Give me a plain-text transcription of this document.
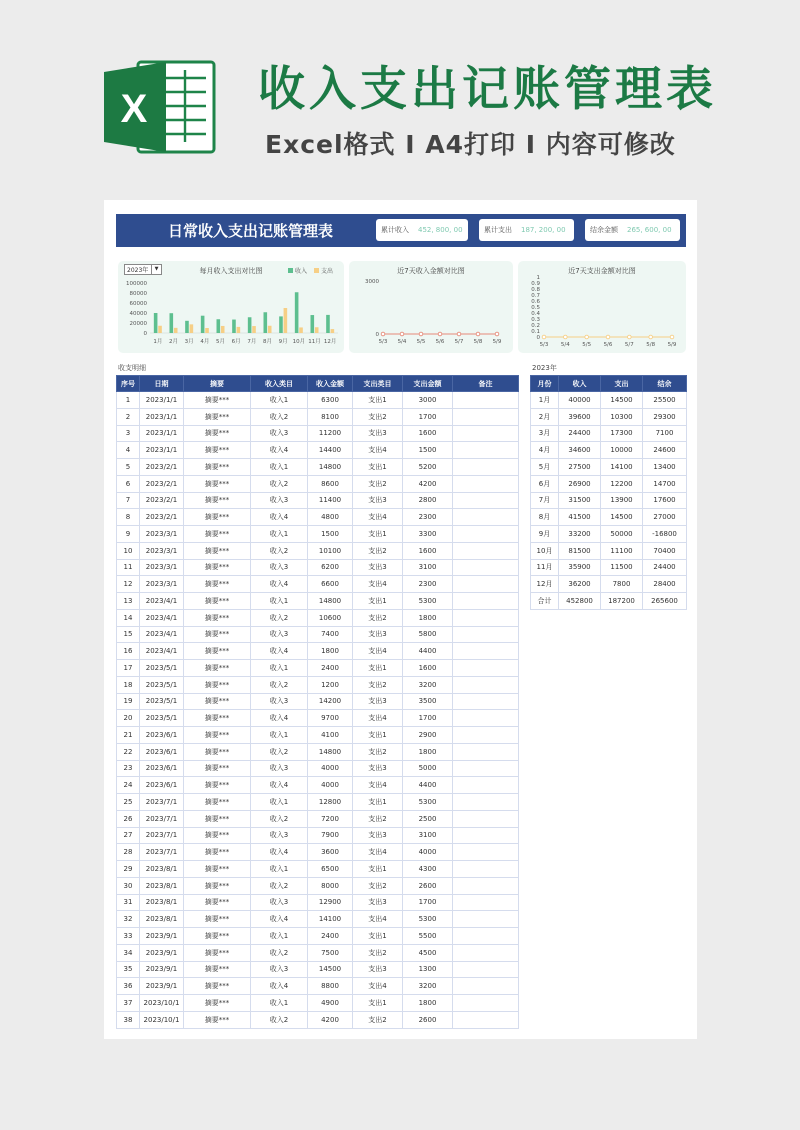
X 收入支出记账管理表
Excel格式 I A4打印 I 内容可修改
日常收入支出记账管理表	累计收入	452, 800, 00	累计支出	187, 200, 00	结余金额	265, 600, 00
2023年	▼	每月收入支出对比图	收入	支出
0
20000
40000
60000
80000
100000
1月 2月 3月 4月 5月 6月 7月 8月 9月 10月 11月 12月
近7天收入金额对比图
0
3000
5/3 5/4 5/5 5/6 5/7 5/8 5/9
近7天支出金额对比图
0
0.1
0.2
0.3
0.4
0.5
0.6
0.7
0.8
0.9
1
5/3 5/4 5/5 5/6 5/7 5/8 5/9
收支明细
序号	日期	摘要	收入类目	收入金额	支出类目	支出金额	备注
1	2023/1/1	摘要***	收入1	6300	支出1	3000	
2	2023/1/1	摘要***	收入2	8100	支出2	1700	
3	2023/1/1	摘要***	收入3	11200	支出3	1600	
4	2023/1/1	摘要***	收入4	14400	支出4	1500	
5	2023/2/1	摘要***	收入1	14800	支出1	5200	
6	2023/2/1	摘要***	收入2	8600	支出2	4200	
7	2023/2/1	摘要***	收入3	11400	支出3	2800	
8	2023/2/1	摘要***	收入4	4800	支出4	2300	
9	2023/3/1	摘要***	收入1	1500	支出1	3300	
10	2023/3/1	摘要***	收入2	10100	支出2	1600	
11	2023/3/1	摘要***	收入3	6200	支出3	3100	
12	2023/3/1	摘要***	收入4	6600	支出4	2300	
13	2023/4/1	摘要***	收入1	14800	支出1	5300	
14	2023/4/1	摘要***	收入2	10600	支出2	1800	
15	2023/4/1	摘要***	收入3	7400	支出3	5800	
16	2023/4/1	摘要***	收入4	1800	支出4	4400	
17	2023/5/1	摘要***	收入1	2400	支出1	1600	
18	2023/5/1	摘要***	收入2	1200	支出2	3200	
19	2023/5/1	摘要***	收入3	14200	支出3	3500	
20	2023/5/1	摘要***	收入4	9700	支出4	1700	
21	2023/6/1	摘要***	收入1	4100	支出1	2900	
22	2023/6/1	摘要***	收入2	14800	支出2	1800	
23	2023/6/1	摘要***	收入3	4000	支出3	5000	
24	2023/6/1	摘要***	收入4	4000	支出4	4400	
25	2023/7/1	摘要***	收入1	12800	支出1	5300	
26	2023/7/1	摘要***	收入2	7200	支出2	2500	
27	2023/7/1	摘要***	收入3	7900	支出3	3100	
28	2023/7/1	摘要***	收入4	3600	支出4	4000	
29	2023/8/1	摘要***	收入1	6500	支出1	4300	
30	2023/8/1	摘要***	收入2	8000	支出2	2600	
31	2023/8/1	摘要***	收入3	12900	支出3	1700	
32	2023/8/1	摘要***	收入4	14100	支出4	5300	
33	2023/9/1	摘要***	收入1	2400	支出1	5500	
34	2023/9/1	摘要***	收入2	7500	支出2	4500	
35	2023/9/1	摘要***	收入3	14500	支出3	1300	
36	2023/9/1	摘要***	收入4	8800	支出4	3200	
37	2023/10/1	摘要***	收入1	4900	支出1	1800	
38	2023/10/1	摘要***	收入2	4200	支出2	2600	
2023年
月份	收入	支出	结余
1月	40000	14500	25500
2月	39600	10300	29300
3月	24400	17300	7100
4月	34600	10000	24600
5月	27500	14100	13400
6月	26900	12200	14700
7月	31500	13900	17600
8月	41500	14500	27000
9月	33200	50000	-16800
10月	81500	11100	70400
11月	35900	11500	24400
12月	36200	7800	28400
合计	452800	187200	265600
